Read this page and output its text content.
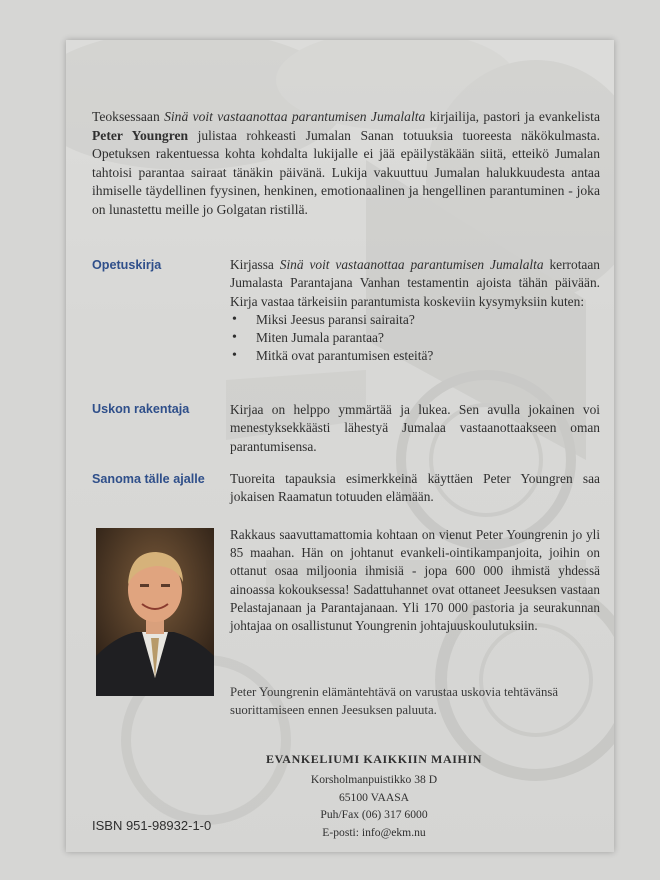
Teoksessaan Sinä voit vastaanottaa parantumisen Jumalalta kirjailija, pastori ja evankelista Peter Youngren julistaa rohkeasti Jumalan Sanan totuuksia tuoreesta näkökulmasta. Opetuksen rakentuessa kohta kohdalta lukijalle ei jää epäilystäkään siitä, etteikö Jumalan tahtoisi parantaa sairaat tänäkin päivänä. Lukija vakuuttuu Jumalan halukkuudesta antaa ihmiselle täydellinen fyysinen, henkinen, emotionaalinen ja hengellinen parantuminen - joka on lunastettu meille jo Golgatan ristillä.
Opetuskirja	Kirjassa Sinä voit vastaanottaa parantumisen Jumalalta kerrotaan Jumalasta Parantajana Vanhan testamentin ajoista tähän päivään. Kirja vastaa tärkeisiin parantumista koskeviin kysymyksiin kuten:
• Miksi Jeesus paransi sairaita?
• Miten Jumala parantaa?
• Mitkä ovat parantumisen esteitä?
Uskon rakentaja	Kirjaa on helppo ymmärtää ja lukea. Sen avulla jokainen voi menestyksekkäästi lähestyä Jumalaa vastaanottaakseen oman parantumisensa.
Sanoma tälle ajalle	Tuoreita tapauksia esimerkkeinä käyttäen Peter Youngren saa jokaisen Raamatun totuuden elämään.
Rakkaus saavuttamattomia kohtaan on vienut Peter Youngrenin jo yli 85 maahan. Hän on johtanut evankeli-ointikampanjoita, joihin on ottanut osaa miljoonia ihmisiä - jopa 600 000 ihmistä yhdessä ainoassa kokouksessa! Sadattuhannet ovat ottaneet Jeesuksen vastaan Pelastajanaan ja Parantajanaan. Yli 170 000 pastoria ja seurakunnan johtajaa on osallistunut Youngrenin johtajuuskoulutuksiin.
Peter Youngrenin elämäntehtävä on varustaa uskovia tehtävänsä suorittamiseen ennen Jeesuksen paluuta.
EVANKELIUMI KAIKKIIN MAIHIN
Korsholmanpuistikko 38 D
65100 VAASA
Puh/Fax (06) 317 6000
E-posti: info@ekm.nu
ISBN 951-98932-1-0
